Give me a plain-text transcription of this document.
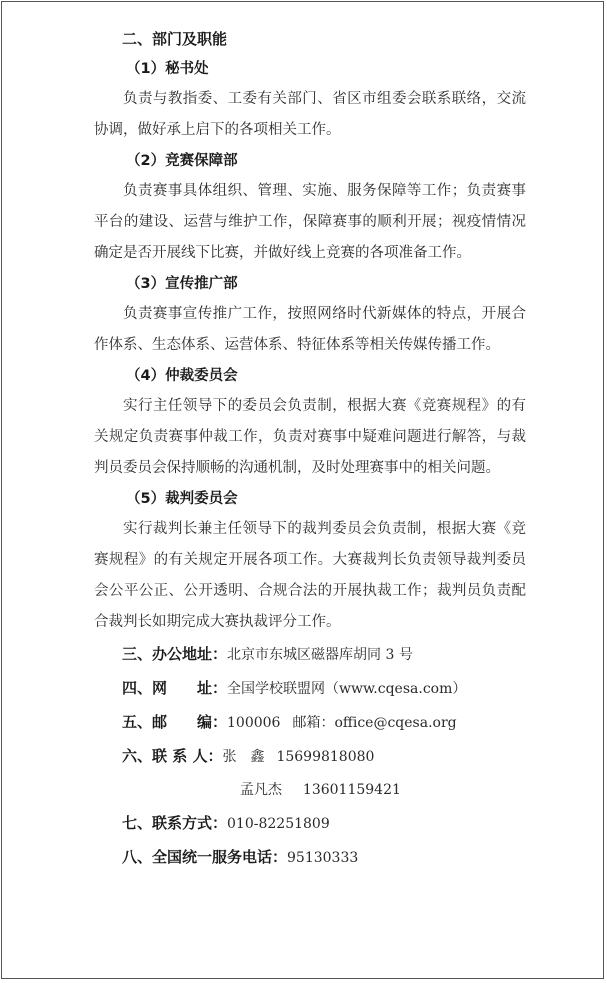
二、部门及职能
（1）秘书处

负责与教指委、工委有关部门、省区市组委会联系联络，交流协调，做好承上启下的各项相关工作。

（2）竞赛保障部

负责赛事具体组织、管理、实施、服务保障等工作；负责赛事平台的建设、运营与维护工作，保障赛事的顺利开展；视疫情情况确定是否开展线下比赛，并做好线上竞赛的各项准备工作。

（3）宣传推广部

负责赛事宣传推广工作，按照网络时代新媒体的特点，开展合作体系、生态体系、运营体系、特征体系等相关传媒传播工作。

（4）仲裁委员会

实行主任领导下的委员会负责制，根据大赛《竞赛规程》的有关规定负责赛事仲裁工作，负责对赛事中疑难问题进行解答，与裁判员委员会保持顺畅的沟通机制，及时处理赛事中的相关问题。

（5）裁判委员会

实行裁判长兼主任领导下的裁判委员会负责制，根据大赛《竞赛规程》的有关规定开展各项工作。大赛裁判长负责领导裁判委员会公平公正、公开透明、合规合法的开展执裁工作；裁判员负责配合裁判长如期完成大赛执裁评分工作。

三、办公地址： 北京市东城区磁器库胡同 3 号
四、网　　址： 全国学校联盟网（www.cqesa.com）
五、邮　　编： 100006 邮箱： office@cqesa.org
六、联 系 人： 张　鑫 15699818080
孟凡杰 13601159421
七、联系方式： 010-82251809
八、全国统一服务电话： 95130333
